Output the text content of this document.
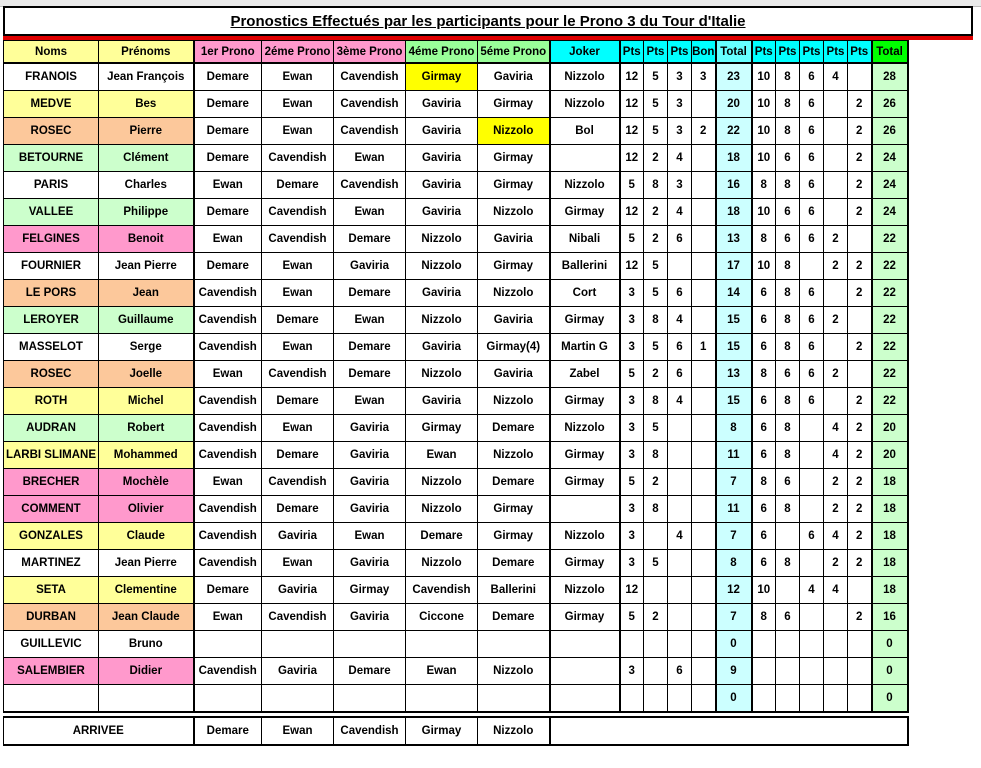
Pronostics Effectués par les participants pour le Prono 3 du Tour d'Italie
Noms	Prénoms	1er Prono	2éme Prono	3ème Prono	4éme Prono	5éme Prono	Joker	Pts	Pts	Pts	Bon	Total	Pts	Pts	Pts	Pts	Pts	Total
FRANOIS	Jean François	Demare	Ewan	Cavendish	Girmay	Gaviria	Nizzolo	12	5	3	3	23	10	8	6	4		28
MEDVE	Bes	Demare	Ewan	Cavendish	Gaviria	Girmay	Nizzolo	12	5	3		20	10	8	6		2	26
ROSEC	Pierre	Demare	Ewan	Cavendish	Gaviria	Nizzolo	Bol	12	5	3	2	22	10	8	6		2	26
BETOURNE	Clément	Demare	Cavendish	Ewan	Gaviria	Girmay		12	2	4		18	10	6	6		2	24
PARIS	Charles	Ewan	Demare	Cavendish	Gaviria	Girmay	Nizzolo	5	8	3		16	8	8	6		2	24
VALLEE	Philippe	Demare	Cavendish	Ewan	Gaviria	Nizzolo	Girmay	12	2	4		18	10	6	6		2	24
FELGINES	Benoit	Ewan	Cavendish	Demare	Nizzolo	Gaviria	Nibali	5	2	6		13	8	6	6	2		22
FOURNIER	Jean Pierre	Demare	Ewan	Gaviria	Nizzolo	Girmay	Ballerini	12	5			17	10	8		2	2	22
LE PORS	Jean	Cavendish	Ewan	Demare	Gaviria	Nizzolo	Cort	3	5	6		14	6	8	6		2	22
LEROYER	Guillaume	Cavendish	Demare	Ewan	Nizzolo	Gaviria	Girmay	3	8	4		15	6	8	6	2		22
MASSELOT	Serge	Cavendish	Ewan	Demare	Gaviria	Girmay(4)	Martin G	3	5	6	1	15	6	8	6		2	22
ROSEC	Joelle	Ewan	Cavendish	Demare	Nizzolo	Gaviria	Zabel	5	2	6		13	8	6	6	2		22
ROTH	Michel	Cavendish	Demare	Ewan	Gaviria	Nizzolo	Girmay	3	8	4		15	6	8	6		2	22
AUDRAN	Robert	Cavendish	Ewan	Gaviria	Girmay	Demare	Nizzolo	3	5			8	6	8		4	2	20
LARBI SLIMANE	Mohammed	Cavendish	Demare	Gaviria	Ewan	Nizzolo	Girmay	3	8			11	6	8		4	2	20
BRECHER	Mochèle	Ewan	Cavendish	Gaviria	Nizzolo	Demare	Girmay	5	2			7	8	6		2	2	18
COMMENT	Olivier	Cavendish	Demare	Gaviria	Nizzolo	Girmay		3	8			11	6	8		2	2	18
GONZALES	Claude	Cavendish	Gaviria	Ewan	Demare	Girmay	Nizzolo	3		4		7	6		6	4	2	18
MARTINEZ	Jean Pierre	Cavendish	Ewan	Gaviria	Nizzolo	Demare	Girmay	3	5			8	6	8		2	2	18
SETA	Clementine	Demare	Gaviria	Girmay	Cavendish	Ballerini	Nizzolo	12				12	10		4	4		18
DURBAN	Jean Claude	Ewan	Cavendish	Gaviria	Ciccone	Demare	Girmay	5	2			7	8	6			2	16
GUILLEVIC	Bruno											0						0
SALEMBIER	Didier	Cavendish	Gaviria	Demare	Ewan	Nizzolo		3		6		9						0
												0						0

ARRIVEE		Demare	Ewan	Cavendish	Girmay	Nizzolo												
